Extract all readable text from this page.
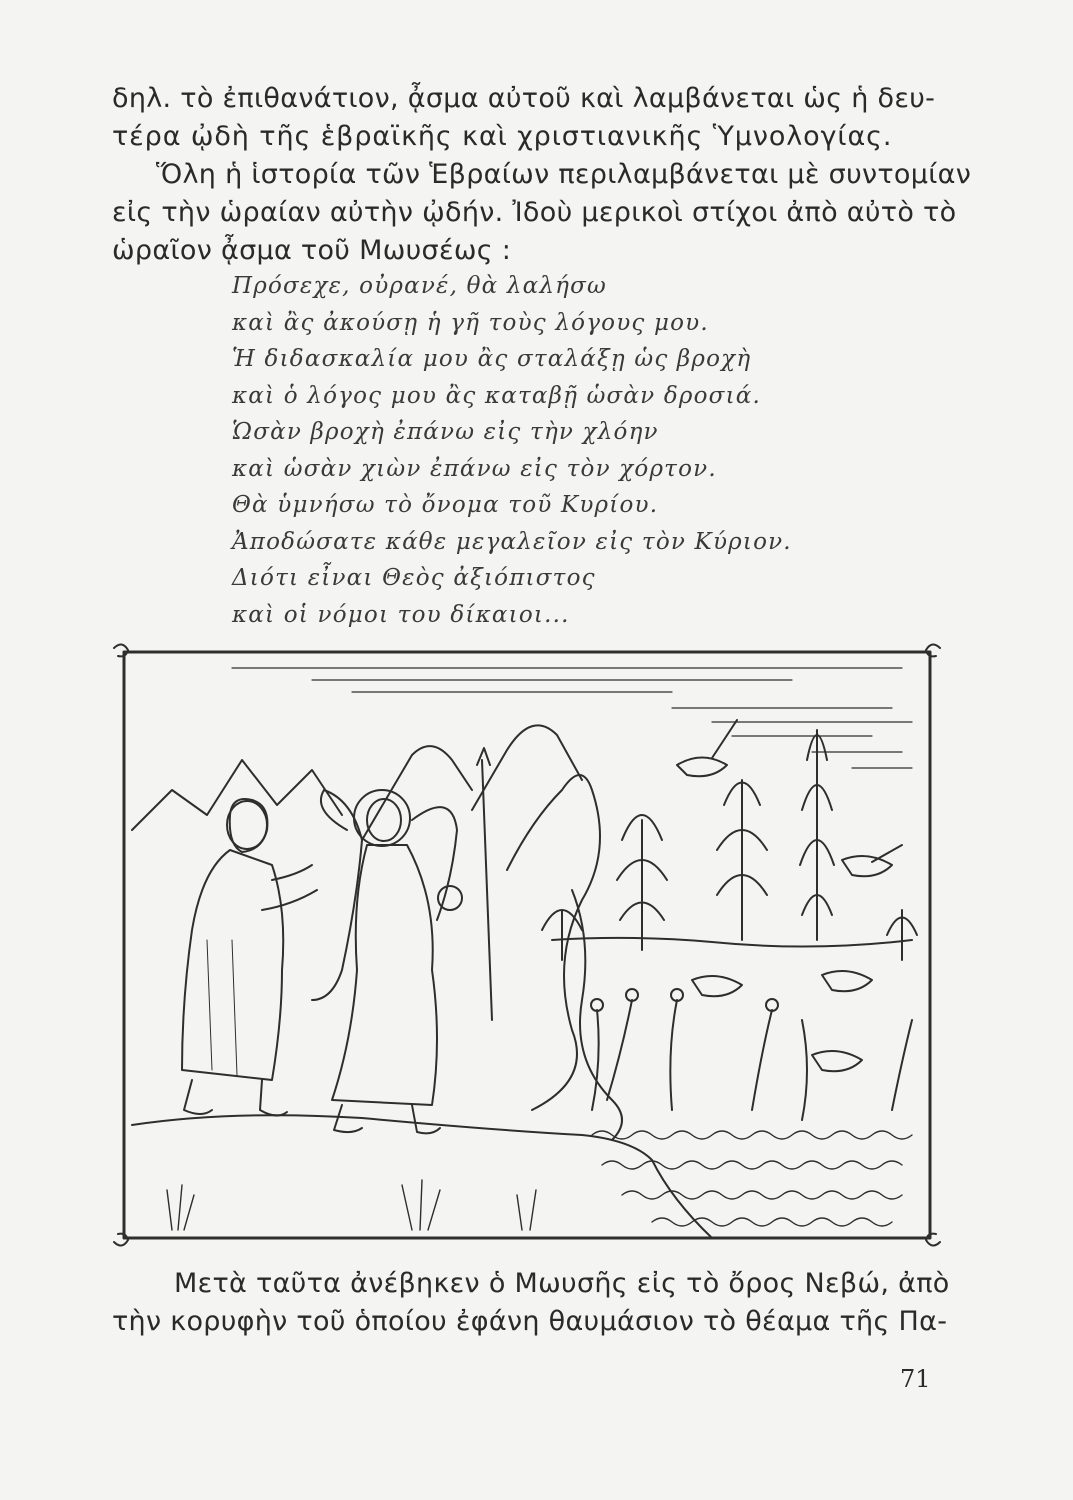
δηλ. τὸ ἐπιθανάτιον, ᾆσμα αὐτοῦ καὶ λαμβάνεται ὡς ἡ δευ-
τέρα ᾠδὴ τῆς ἑβραϊκῆς καὶ χριστιανικῆς Ὑμνολογίας.
Ὅλη ἡ ἱστορία τῶν Ἑβραίων περιλαμβάνεται μὲ συντομίαν
εἰς τὴν ὡραίαν αὐτὴν ᾠδήν. Ἰδοὺ μερικοὶ στίχοι ἀπὸ αὐτὸ τὸ
ὡραῖον ᾆσμα τοῦ Μωυσέως :
Πρόσεχε, οὐρανέ, θὰ λαλήσω
καὶ ἂς ἀκούσῃ ἡ γῆ τοὺς λόγους μου.
Ἡ διδασκαλία μου ἂς σταλάξῃ ὡς βροχὴ
καὶ ὁ λόγος μου ἂς καταβῇ ὡσὰν δροσιά.
Ὡσὰν βροχὴ ἐπάνω εἰς τὴν χλόην
καὶ ὡσὰν χιὼν ἐπάνω εἰς τὸν χόρτον.
Θὰ ὑμνήσω τὸ ὄνομα τοῦ Κυρίου.
Ἀποδώσατε κάθε μεγαλεῖον εἰς τὸν Κύριον.
Διότι εἶναι Θεὸς ἀξιόπιστος
καὶ οἱ νόμοι του δίκαιοι...
Μετὰ ταῦτα ἀνέβηκεν ὁ Μωυσῆς εἰς τὸ ὄρος Νεβώ, ἀπὸ
τὴν κορυφὴν τοῦ ὁποίου ἐφάνη θαυμάσιον τὸ θέαμα τῆς Πα-
71
